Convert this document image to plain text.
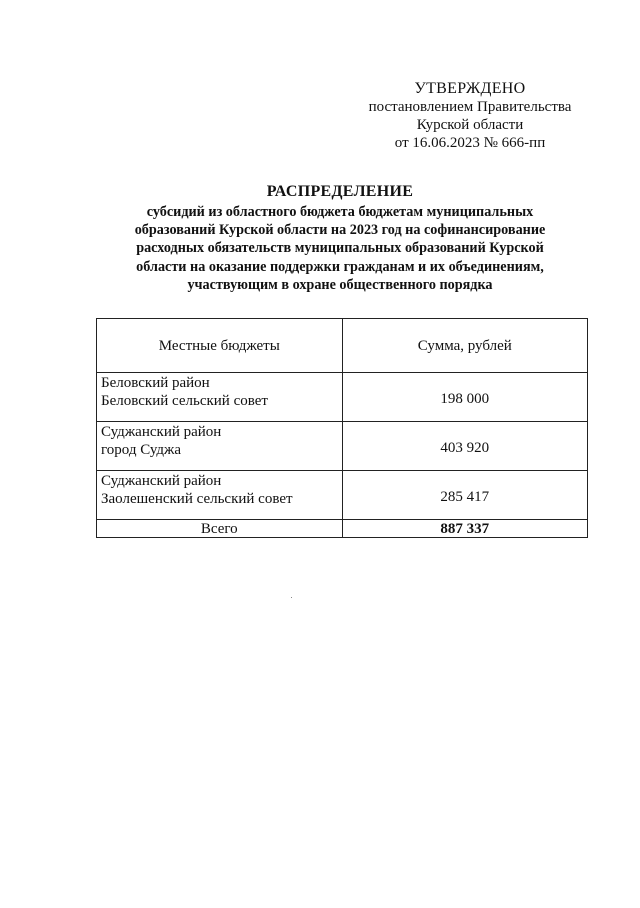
УТВЕРЖДЕНО
постановлением Правительства
Курской области
от 16.06.2023 № 666-пп
РАСПРЕДЕЛЕНИЕ
субсидий из областного бюджета бюджетам муниципальных
образований Курской области на 2023 год на софинансирование
расходных обязательств муниципальных образований Курской
области на оказание поддержки гражданам и их объединениям,
участвующим в охране общественного порядка
Местные бюджеты	Сумма, рублей

Беловский район
Беловский сельский совет	198 000

Суджанский район
город Суджа	403 920

Суджанский район
Заолешенский сельский совет	285 417
Всего	887 337
